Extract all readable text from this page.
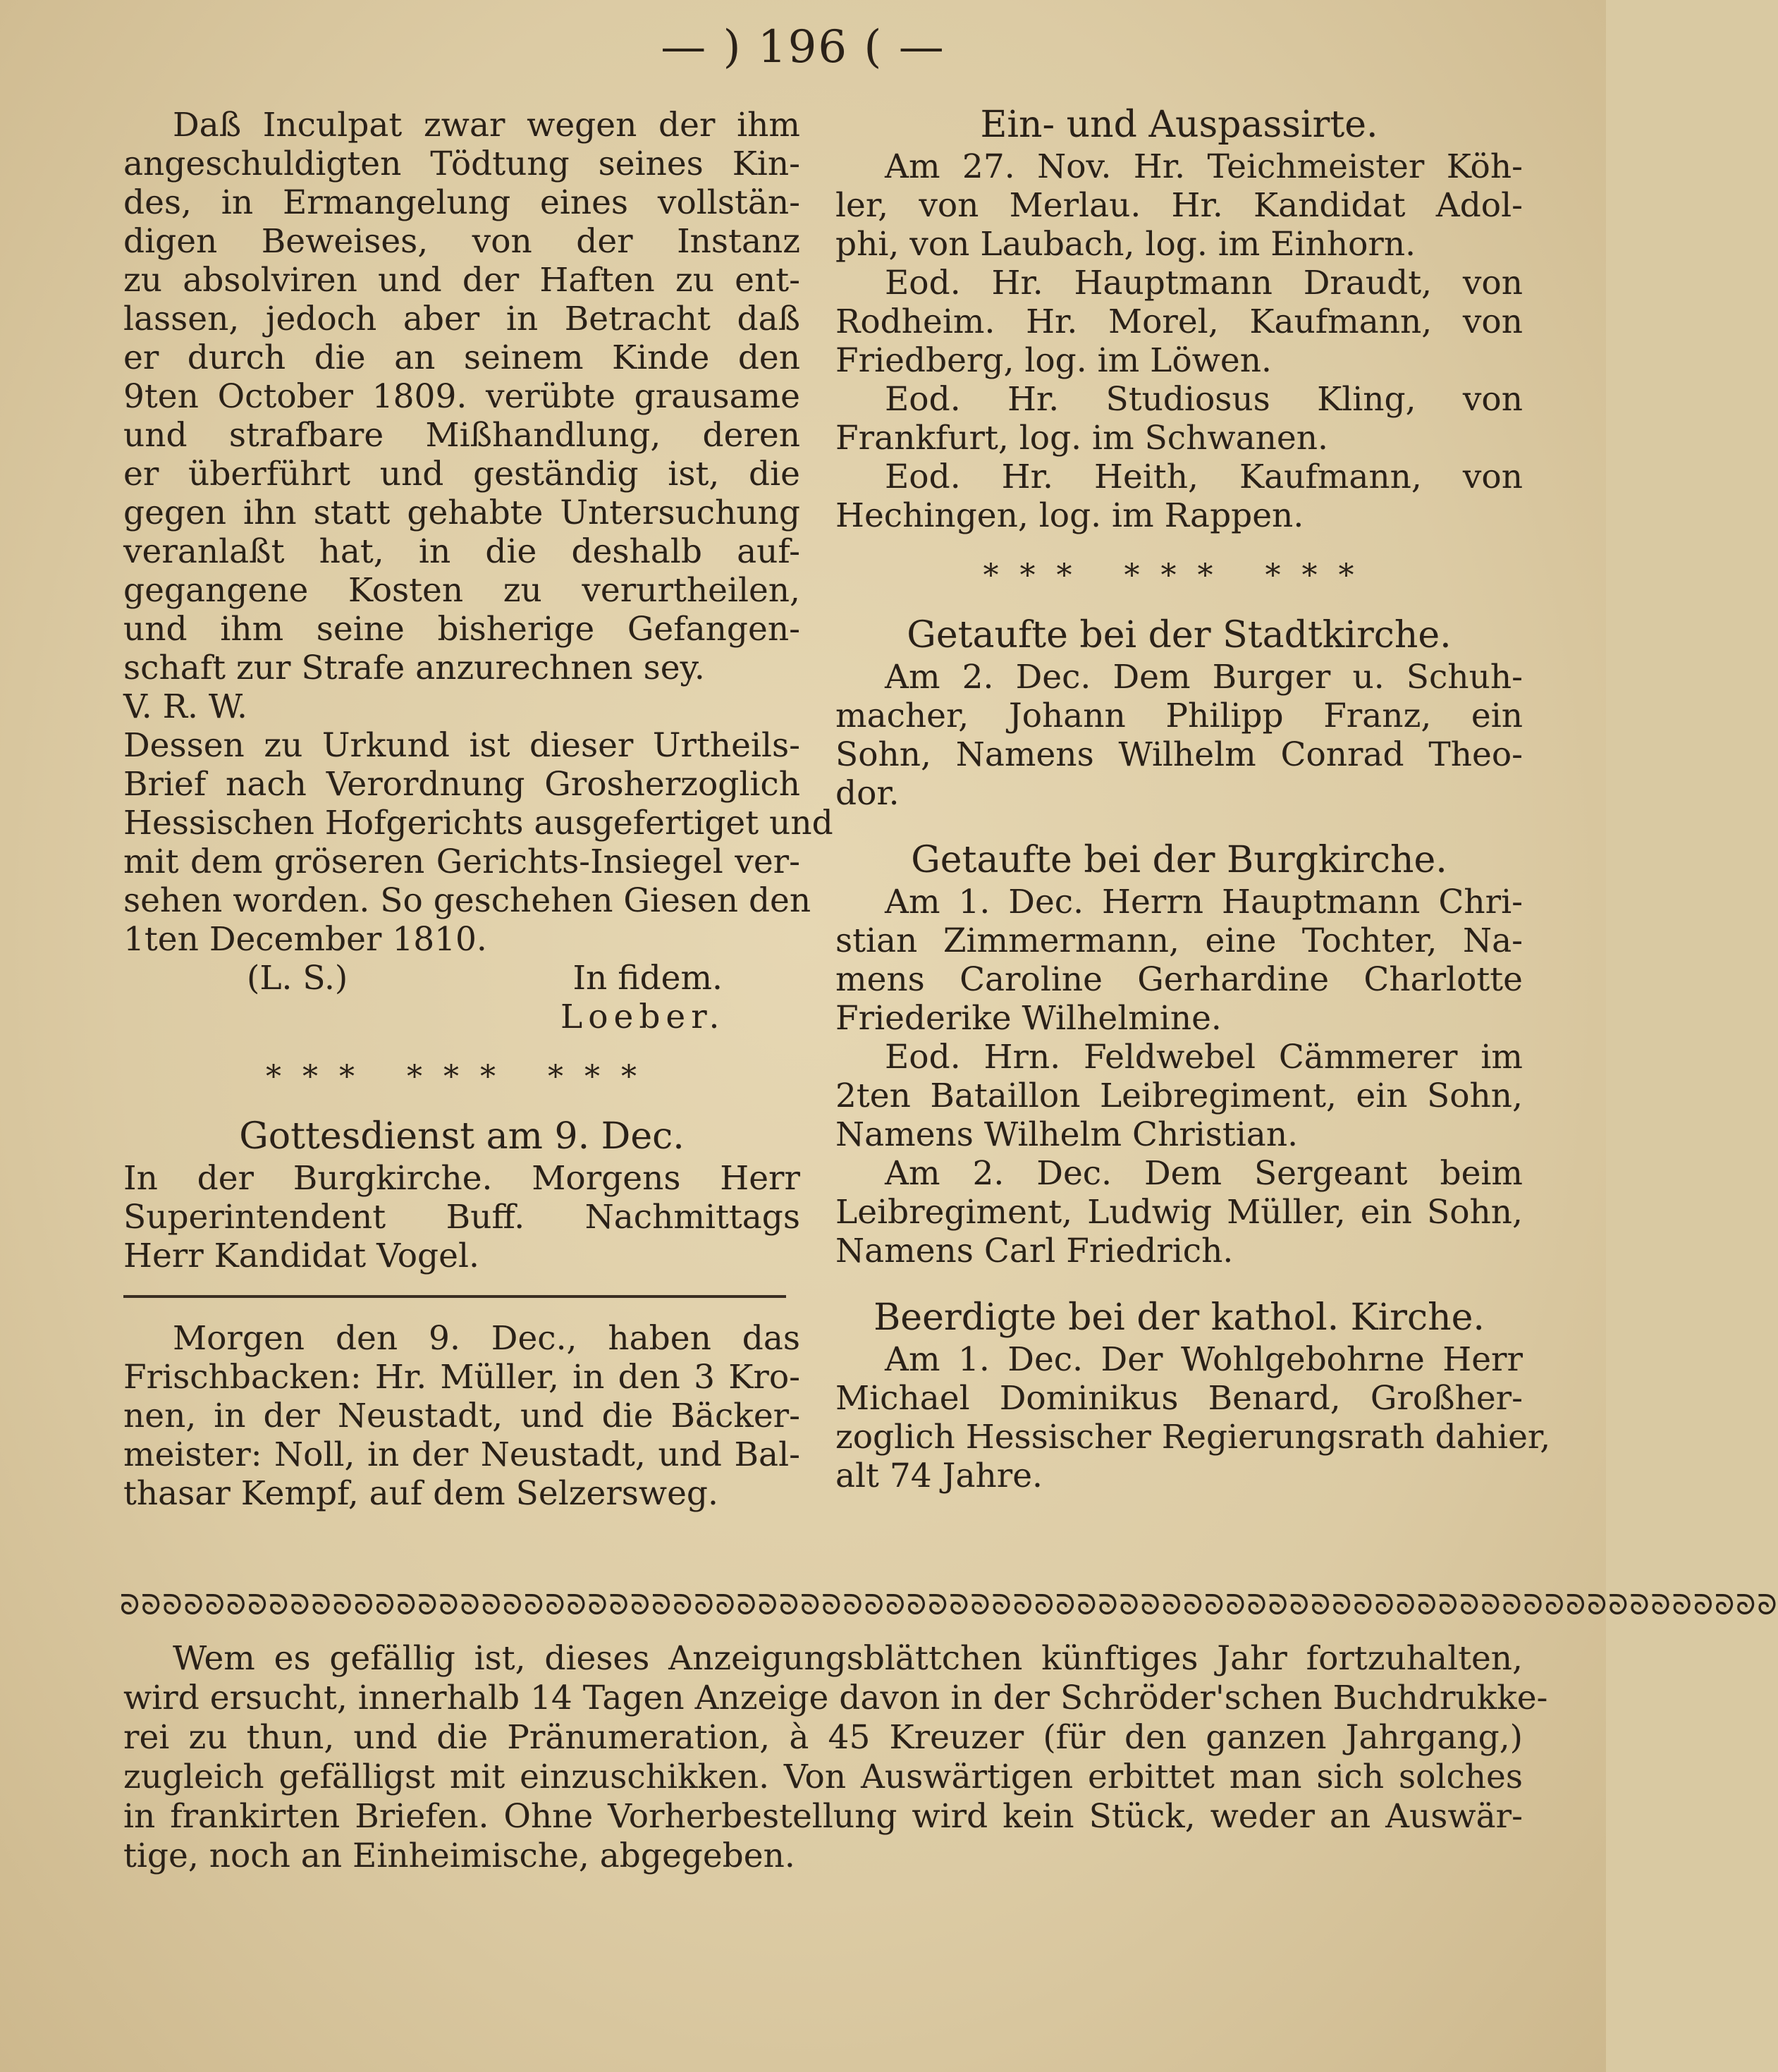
— ) 196 ( —
Daß Inculpat zwar wegen der ihm
angeschuldigten Tödtung seines Kin-
des, in Ermangelung eines vollstän-
digen Beweises, von der Instanz
zu absolviren und der Haften zu ent-
lassen, jedoch aber in Betracht daß
er durch die an seinem Kinde den
9ten October 1809. verübte grausame
und strafbare Mißhandlung, deren
er überführt und geständig ist, die
gegen ihn statt gehabte Untersuchung
veranlaßt hat, in die deshalb auf-
gegangene Kosten zu verurtheilen,
und ihm seine bisherige Gefangen-
schaft zur Strafe anzurechnen sey.
V. R. W.
Dessen zu Urkund ist dieser Urtheils-
Brief nach Verordnung Grosherzoglich
Hessischen Hofgerichts ausgefertiget und
mit dem gröseren Gerichts-Insiegel ver-
sehen worden. So geschehen Giesen den
1ten December 1810.
(L. S.)	In fidem.
Loeber.
*** *** ***
Gottesdienst am 9. Dec.
In der Burgkirche. Morgens Herr
Superintendent Buff. Nachmittags
Herr Kandidat Vogel.
Morgen den 9. Dec., haben das
Frischbacken: Hr. Müller, in den 3 Kro-
nen, in der Neustadt, und die Bäcker-
meister: Noll, in der Neustadt, und Bal-
thasar Kempf, auf dem Selzersweg.
Ein- und Auspassirte.
Am 27. Nov. Hr. Teichmeister Köh-
ler, von Merlau. Hr. Kandidat Adol-
phi, von Laubach, log. im Einhorn.
Eod. Hr. Hauptmann Draudt, von
Rodheim. Hr. Morel, Kaufmann, von
Friedberg, log. im Löwen.
Eod. Hr. Studiosus Kling, von
Frankfurt, log. im Schwanen.
Eod. Hr. Heith, Kaufmann, von
Hechingen, log. im Rappen.
*** *** ***
Getaufte bei der Stadtkirche.
Am 2. Dec. Dem Burger u. Schuh-
macher, Johann Philipp Franz, ein
Sohn, Namens Wilhelm Conrad Theo-
dor.
Getaufte bei der Burgkirche.
Am 1. Dec. Herrn Hauptmann Chri-
stian Zimmermann, eine Tochter, Na-
mens Caroline Gerhardine Charlotte
Friederike Wilhelmine.
Eod. Hrn. Feldwebel Cämmerer im
2ten Bataillon Leibregiment, ein Sohn,
Namens Wilhelm Christian.
Am 2. Dec. Dem Sergeant beim
Leibregiment, Ludwig Müller, ein Sohn,
Namens Carl Friedrich.
Beerdigte bei der kathol. Kirche.
Am 1. Dec. Der Wohlgebohrne Herr
Michael Dominikus Benard, Großher-
zoglich Hessischer Regierungsrath dahier,
alt 74 Jahre.
ᘐᘐᘐᘐᘐᘐᘐᘐᘐᘐᘐᘐᘐᘐᘐᘐᘐᘐᘐᘐᘐᘐᘐᘐᘐᘐᘐᘐᘐᘐᘐᘐᘐᘐᘐᘐᘐᘐᘐᘐᘐᘐᘐᘐᘐᘐᘐᘐᘐᘐᘐᘐᘐᘐᘐᘐᘐᘐᘐᘐᘐᘐᘐᘐᘐᘐᘐᘐᘐᘐᘐᘐᘐᘐᘐᘐᘐᘐ
Wem es gefällig ist, dieses Anzeigungsblättchen künftiges Jahr fortzuhalten,
wird ersucht, innerhalb 14 Tagen Anzeige davon in der Schröder'schen Buchdrukke-
rei zu thun, und die Pränumeration, à 45 Kreuzer (für den ganzen Jahrgang,)
zugleich gefälligst mit einzuschikken. Von Auswärtigen erbittet man sich solches
in frankirten Briefen. Ohne Vorherbestellung wird kein Stück, weder an Auswär-
tige, noch an Einheimische, abgegeben.
